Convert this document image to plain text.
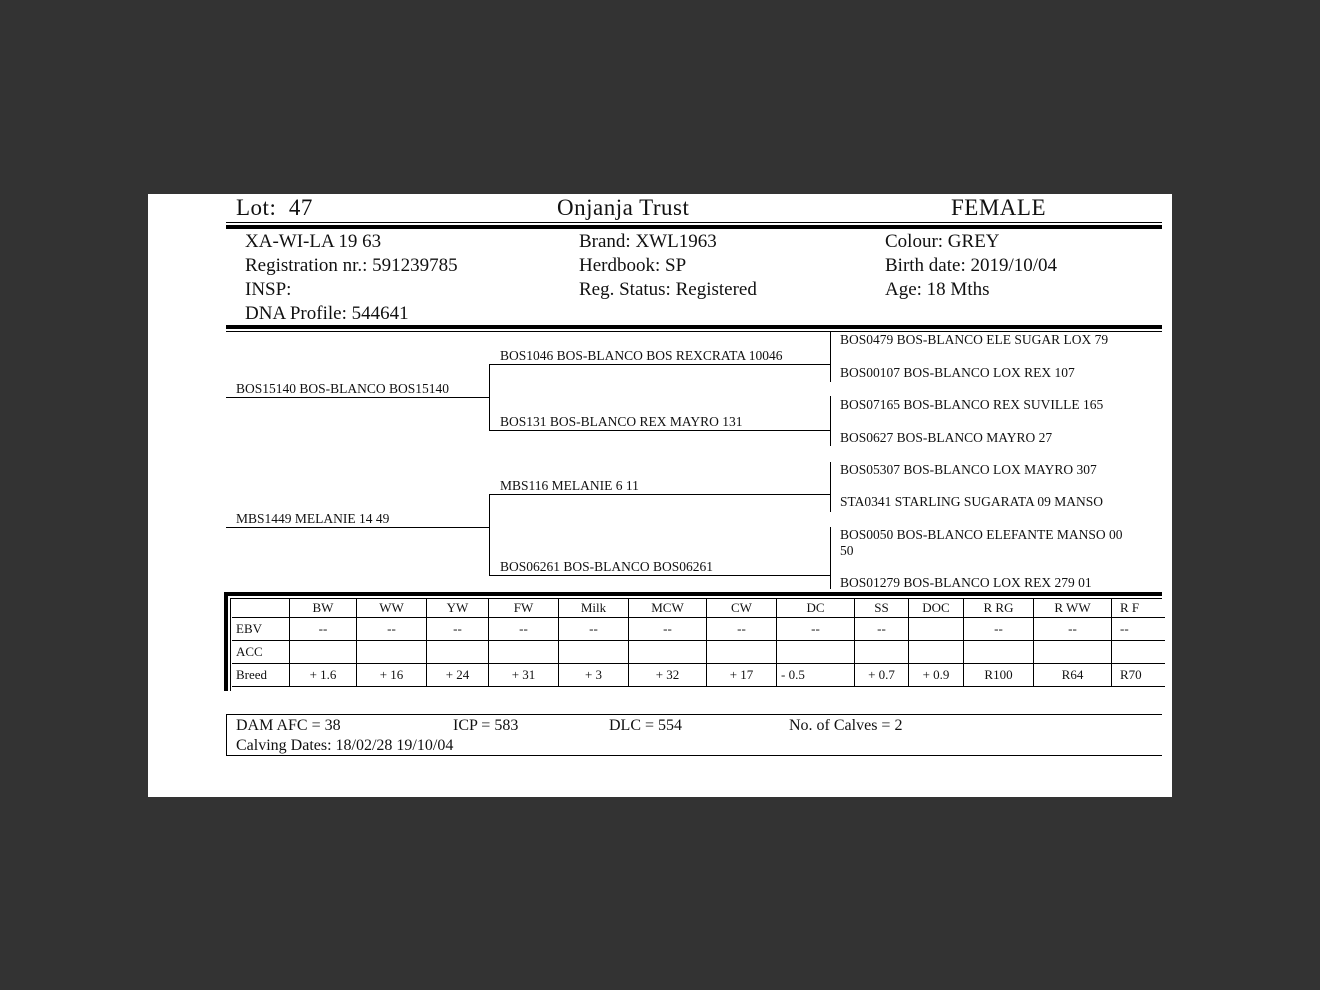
Lot: 47	Onjanja Trust	FEMALE
XA-WI-LA 19 63
Registration nr.: 591239785
INSP:
DNA Profile: 544641
Brand: XWL1963
Herdbook: SP
Reg. Status: Registered
Colour: GREY
Birth date: 2019/10/04
Age: 18 Mths
BOS15140 BOS-BLANCO BOS15140
MBS1449 MELANIE 14 49
BOS1046 BOS-BLANCO BOS REXCRATA 10046
BOS131 BOS-BLANCO REX MAYRO 131
MBS116 MELANIE 6 11
BOS06261 BOS-BLANCO BOS06261
BOS0479 BOS-BLANCO ELE SUGAR LOX 79
BOS00107 BOS-BLANCO LOX REX 107
BOS07165 BOS-BLANCO REX SUVILLE 165
BOS0627 BOS-BLANCO MAYRO 27
BOS05307 BOS-BLANCO LOX MAYRO 307
STA0341 STARLING SUGARATA 09 MANSO
BOS0050 BOS-BLANCO ELEFANTE MANSO 00
50
BOS01279 BOS-BLANCO LOX REX 279 01
	BW	WW	YW	FW	Milk	MCW	CW	DC	SS	DOC	R RG	R WW	R F
EBV	--	--	--	--	--	--	--	--	--		--	--	--
ACC													
Breed	+ 1.6	+ 16	+ 24	+ 31	+ 3	+ 32	+ 17	- 0.5	+ 0.7	+ 0.9	R100	R64	R70
DAM AFC = 38	ICP = 583	DLC = 554	No. of Calves = 2
Calving Dates: 18/02/28 19/10/04
